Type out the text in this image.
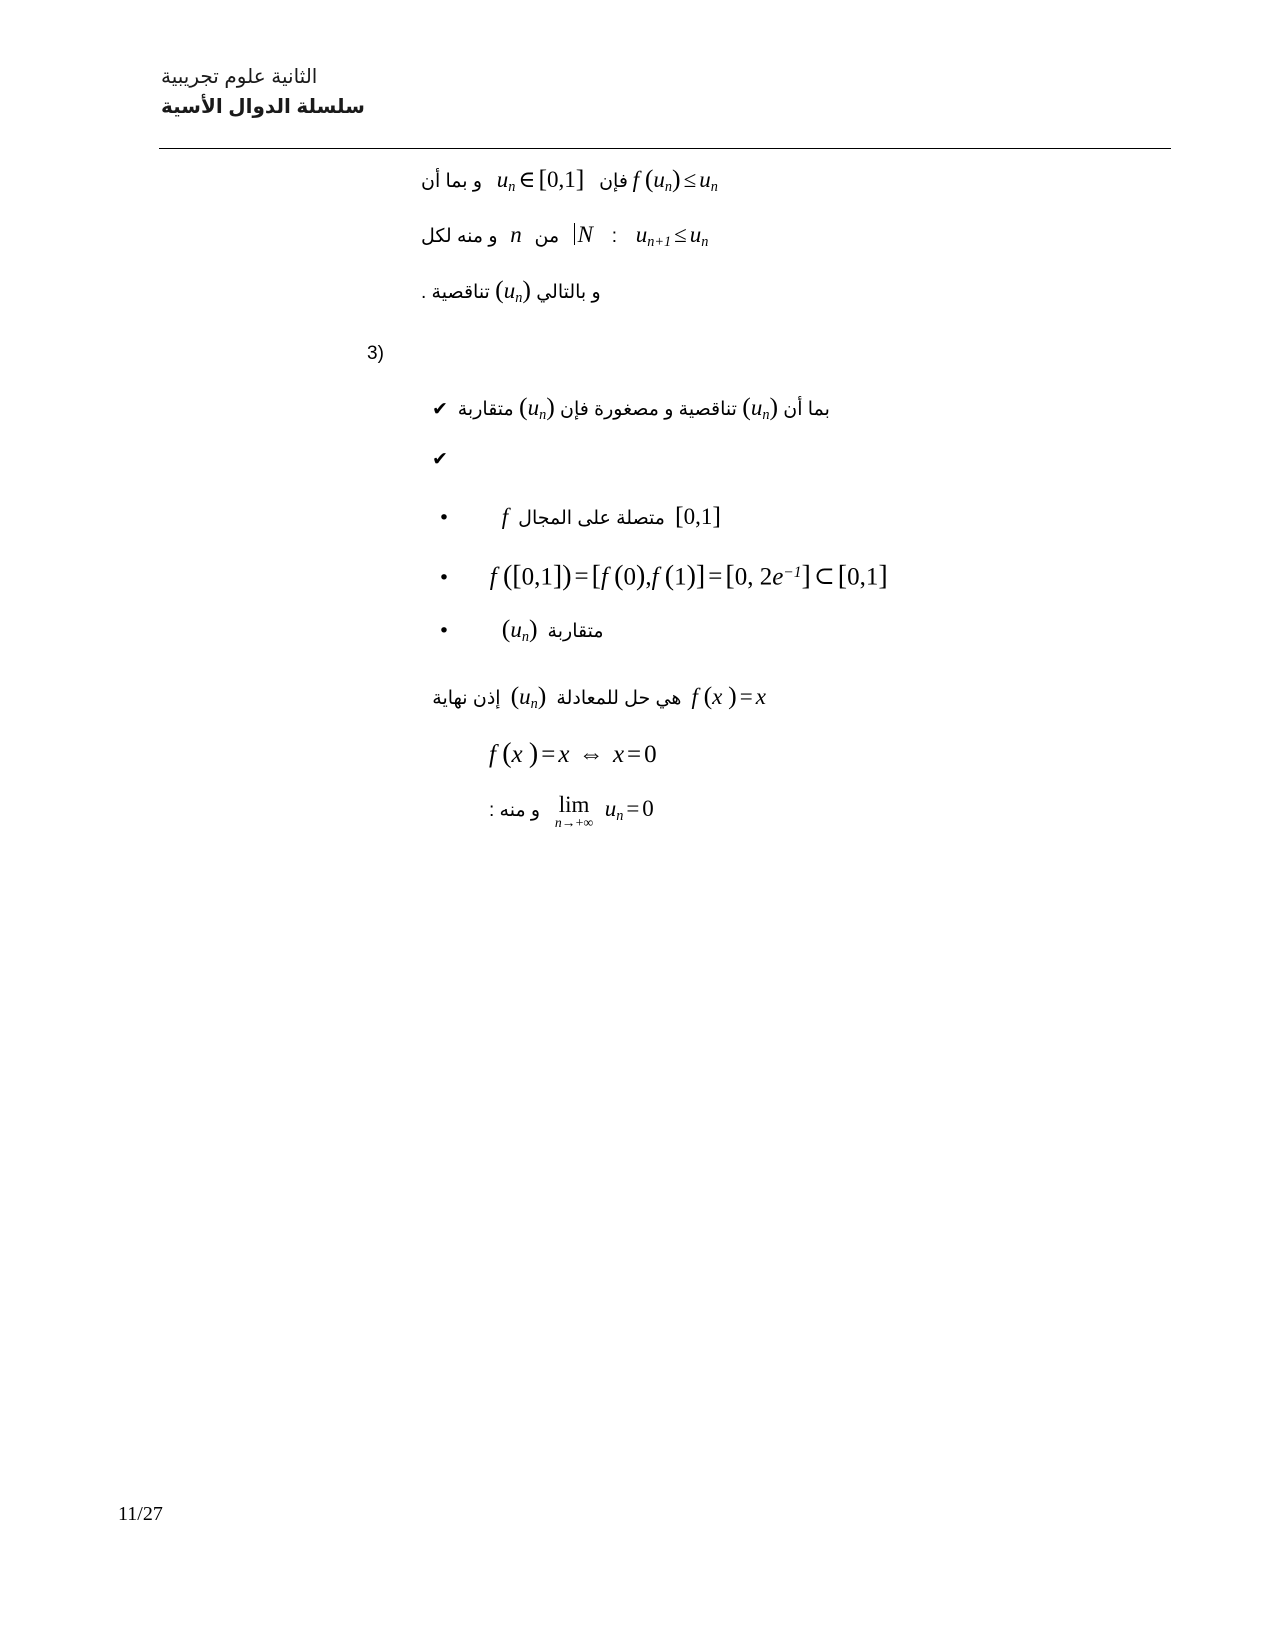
الثانية علوم تجريبية
سلسلة الدوال الأسية
f $(u_n) \le u_n$ فإن $u_n$ ∈ [0,1] و بما أن
$u_{n+1} \le u_n$ :  N من n و منه لكل
و بالتالي $(u_n)$ تناقصية .
(3
بما أن $(u_n)$ تناقصية و مصغورة فإن $(u_n)$ متقاربة ✔
✔
[0,1]  متصلة على المجال  f •
f ([0,1]) = [f (0),f (1)] = [0, $2e^{-1}$] ⊂ [0,1] •
متقاربة  $(u_n)$ •
f (x ) = x  هي حل للمعادلة  $(u_n)$  إذن نهاية
f (x ) = x ⇔ x = 0
lim
n→+∞
$u_n = 0$ و منه :
11/27
